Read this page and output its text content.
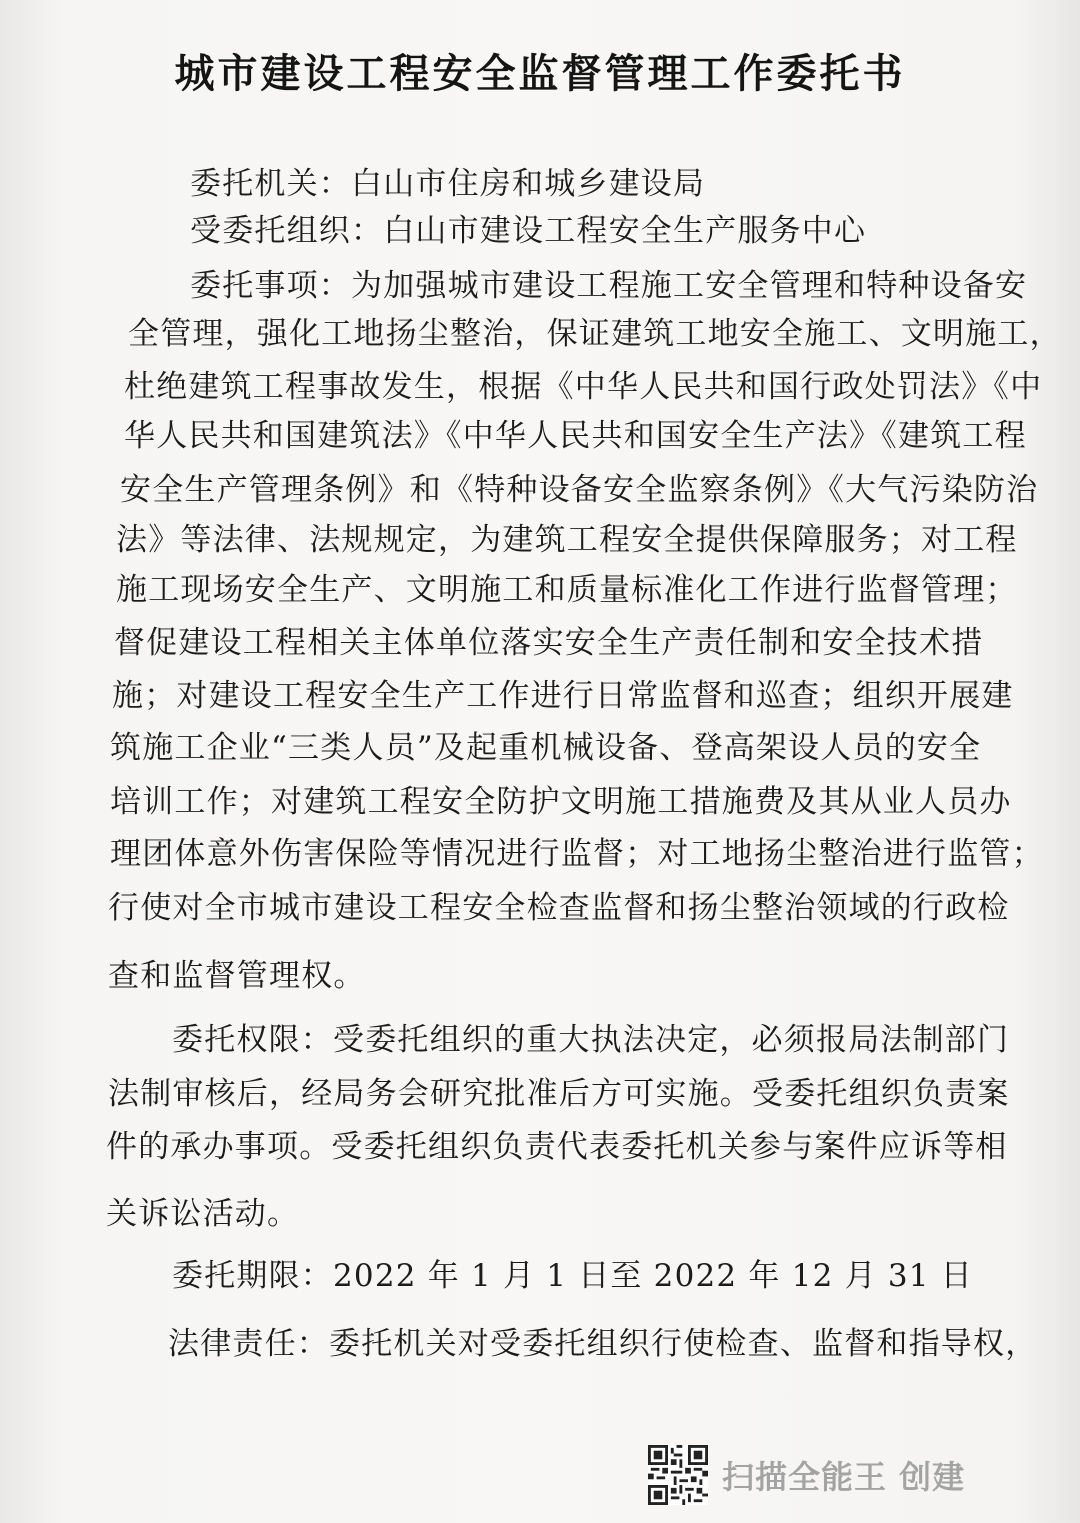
城市建设工程安全监督管理工作委托书
委托机关：白山市住房和城乡建设局
受委托组织：白山市建设工程安全生产服务中心
委托事项：为加强城市建设工程施工安全管理和特种设备安
全管理，强化工地扬尘整治，保证建筑工地安全施工、文明施工，
杜绝建筑工程事故发生，根据《中华人民共和国行政处罚法》《中
华人民共和国建筑法》《中华人民共和国安全生产法》《建筑工程
安全生产管理条例》和《特种设备安全监察条例》《大气污染防治
法》等法律、法规规定，为建筑工程安全提供保障服务；对工程
施工现场安全生产、文明施工和质量标准化工作进行监督管理；
督促建设工程相关主体单位落实安全生产责任制和安全技术措
施；对建设工程安全生产工作进行日常监督和巡查；组织开展建
筑施工企业“三类人员”及起重机械设备、登高架设人员的安全
培训工作；对建筑工程安全防护文明施工措施费及其从业人员办
理团体意外伤害保险等情况进行监督；对工地扬尘整治进行监管；
行使对全市城市建设工程安全检查监督和扬尘整治领域的行政检
查和监督管理权。
委托权限：受委托组织的重大执法决定，必须报局法制部门
法制审核后，经局务会研究批准后方可实施。受委托组织负责案
件的承办事项。受委托组织负责代表委托机关参与案件应诉等相
关诉讼活动。
委托期限：2022 年 1 月 1 日至 2022 年 12 月 31 日
法律责任：委托机关对受委托组织行使检查、监督和指导权，
扫描全能王 创建
